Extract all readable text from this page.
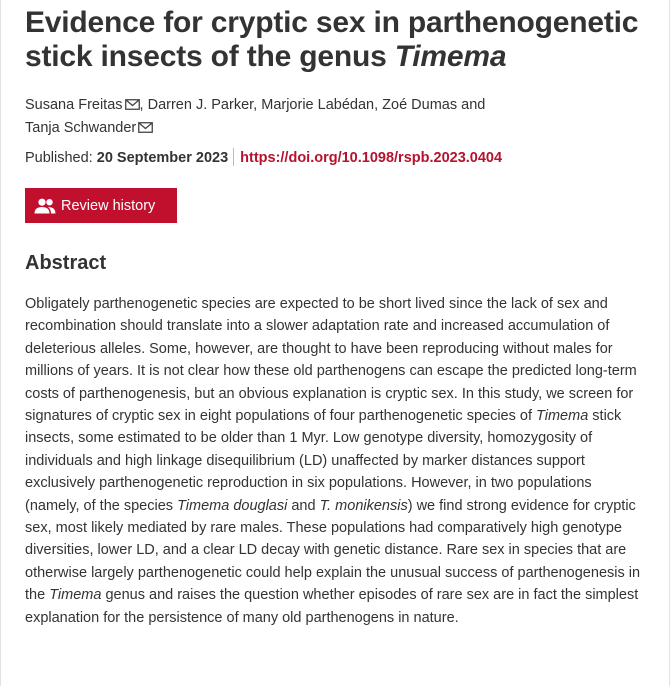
Evidence for cryptic sex in parthenogenetic stick insects of the genus Timema
Susana Freitas , Darren J. Parker, Marjorie Labédan, Zoé Dumas and
Tanja Schwander
Published: 20 September 2023 https://doi.org/10.1098/rspb.2023.0404
Review history
Abstract

Obligately parthenogenetic species are expected to be short lived since the lack of sex and recombination should translate into a slower adaptation rate and increased accumulation of deleterious alleles. Some, however, are thought to have been reproducing without males for millions of years. It is not clear how these old parthenogens can escape the predicted long-term costs of parthenogenesis, but an obvious explanation is cryptic sex. In this study, we screen for signatures of cryptic sex in eight populations of four parthenogenetic species of Timema stick insects, some estimated to be older than 1 Myr. Low genotype diversity, homozygosity of individuals and high linkage disequilibrium (LD) unaffected by marker distances support exclusively parthenogenetic reproduction in six populations. However, in two populations (namely, of the species Timema douglasi and T. monikensis) we find strong evidence for cryptic sex, most likely mediated by rare males. These populations had comparatively high genotype diversities, lower LD, and a clear LD decay with genetic distance. Rare sex in species that are otherwise largely parthenogenetic could help explain the unusual success of parthenogenesis in the Timema genus and raises the question whether episodes of rare sex are in fact the simplest explanation for the persistence of many old parthenogens in nature.
